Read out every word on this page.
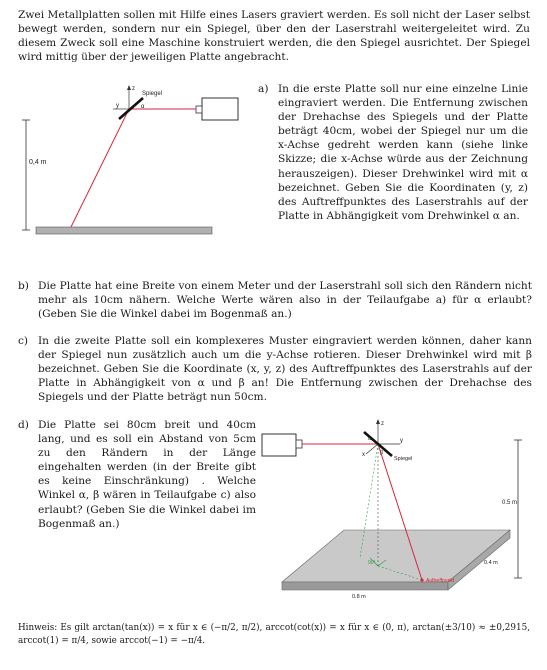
Zwei Metallplatten sollen mit Hilfe eines Lasers graviert werden. Es soll nicht der Laser selbst bewegt werden, sondern nur ein Spiegel, über den der Laserstrahl weitergeleitet wird. Zu diesem Zweck soll eine Maschine konstruiert werden, die den Spiegel ausrichtet. Der Spiegel wird mittig über der jeweiligen Platte angebracht.
0,4 m
z
y
Spiegel
α
a) In die erste Platte soll nur eine einzelne Linie eingraviert werden. Die Entfernung zwischen der Drehachse des Spiegels und der Platte beträgt 40cm, wobei der Spiegel nur um die x-Achse gedreht werden kann (siehe linke Skizze; die x-Achse würde aus der Zeichnung herauszeigen). Dieser Drehwinkel wird mit α bezeichnet. Geben Sie die Koordinaten (y, z) des Auftreffpunktes des Laserstrahls auf der Platte in Abhängigkeit vom Drehwinkel α an.
b) Die Platte hat eine Breite von einem Meter und der Laserstrahl soll sich den Rändern nicht mehr als 10cm nähern. Welche Werte wären also in der Teilaufgabe a) für α erlaubt? (Geben Sie die Winkel dabei im Bogenmaß an.)
c) In die zweite Platte soll ein komplexeres Muster eingraviert werden können, daher kann der Spiegel nun zusätzlich auch um die y-Achse rotieren. Dieser Drehwinkel wird mit β bezeichnet. Geben Sie die Koordinate (x, y, z) des Auftreffpunktes des Laserstrahls auf der Platte in Abhängigkeit von α und β an! Die Entfernung zwischen der Drehachse des Spiegels und der Platte beträgt nun 50cm.
d) Die Platte sei 80cm breit und 40cm lang, und es soll ein Abstand von 5cm zu den Rändern in der Länge eingehalten werden (in der Breite gibt es keine Einschränkung) . Welche Winkel α, β wären in Teilaufgabe c) also erlaubt? (Geben Sie die Winkel dabei im Bogenmaß an.)
0.5 m
0.8 m
0.4 m
Auftreffpunkt
90°
z
y
x
Spiegel
α
β
Hinweis: Es gilt arctan(tan(x)) = x für x ∈ (−π/2, π/2), arccot(cot(x)) = x für x ∈ (0, π), arctan(±3/10) ≈ ±0,2915, arccot(1) = π/4, sowie arccot(−1) = −π/4.
